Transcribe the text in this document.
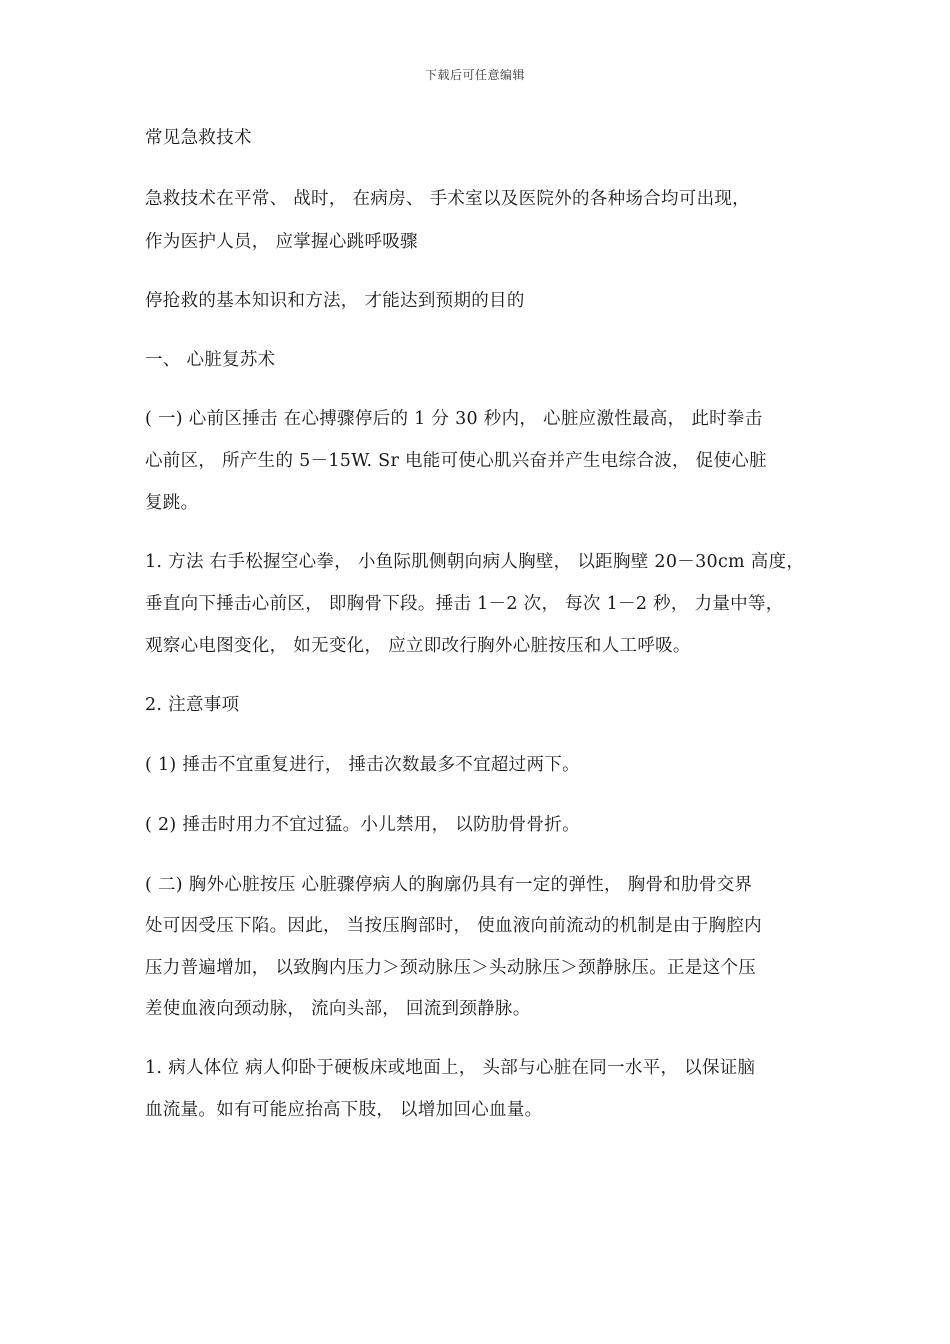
下载后可任意编辑
常见急救技术
急救技术在平常、 战时， 在病房、 手术室以及医院外的各种场合均可出现，
作为医护人员， 应掌握心跳呼吸骤
停抢救的基本知识和方法， 才能达到预期的目的
一、 心脏复苏术
( 一) 心前区捶击 在心搏骤停后的 1 分 30 秒内， 心脏应激性最高， 此时拳击
心前区， 所产生的 5－15W. Sr 电能可使心肌兴奋并产生电综合波， 促使心脏
复跳。
1. 方法 右手松握空心拳， 小鱼际肌侧朝向病人胸壁， 以距胸壁 20－30cm 高度，
垂直向下捶击心前区， 即胸骨下段。捶击 1－2 次， 每次 1－2 秒， 力量中等，
观察心电图变化， 如无变化， 应立即改行胸外心脏按压和人工呼吸。
2. 注意事项
( 1) 捶击不宜重复进行， 捶击次数最多不宜超过两下。
( 2) 捶击时用力不宜过猛。小儿禁用， 以防肋骨骨折。
( 二) 胸外心脏按压 心脏骤停病人的胸廓仍具有一定的弹性， 胸骨和肋骨交界
处可因受压下陷。因此， 当按压胸部时， 使血液向前流动的机制是由于胸腔内
压力普遍增加， 以致胸内压力＞颈动脉压＞头动脉压＞颈静脉压。正是这个压
差使血液向颈动脉， 流向头部， 回流到颈静脉。
1. 病人体位 病人仰卧于硬板床或地面上， 头部与心脏在同一水平， 以保证脑
血流量。如有可能应抬高下肢， 以增加回心血量。
